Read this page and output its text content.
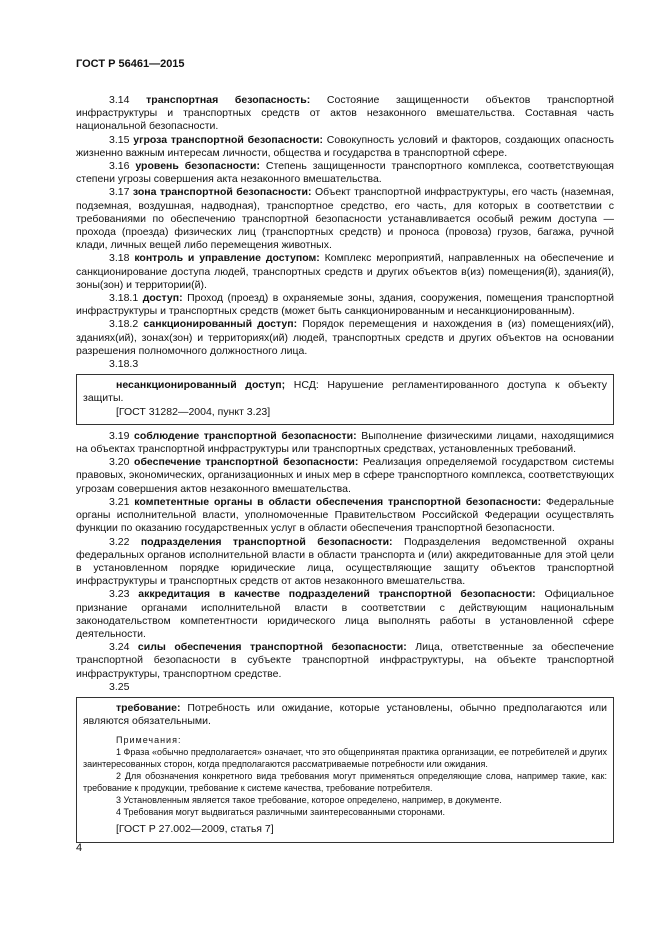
ГОСТ Р 56461—2015

3.14 транспортная безопасность: Состояние защищенности объектов транспортной инфраструктуры и транспортных средств от актов незаконного вмешательства. Составная часть национальной безопасности.

3.15 угроза транспортной безопасности: Совокупность условий и факторов, создающих опасность жизненно важным интересам личности, общества и государства в транспортной сфере.

3.16 уровень безопасности: Степень защищенности транспортного комплекса, соответствующая степени угрозы совершения акта незаконного вмешательства.

3.17 зона транспортной безопасности: Объект транспортной инфраструктуры, его часть (наземная, подземная, воздушная, надводная), транспортное средство, его часть, для которых в соответствии с требованиями по обеспечению транспортной безопасности устанавливается особый режим доступа — прохода (проезда) физических лиц (транспортных средств) и проноса (провоза) грузов, багажа, ручной клади, личных вещей либо перемещения животных.

3.18 контроль и управление доступом: Комплекс мероприятий, направленных на обеспечение и санкционирование доступа людей, транспортных средств и других объектов в(из) помещения(й), здания(й), зоны(зон) и территории(й).

3.18.1 доступ: Проход (проезд) в охраняемые зоны, здания, сооружения, помещения транспортной инфраструктуры и транспортных средств (может быть санкционированным и несанкционированным).

3.18.2 санкционированный доступ: Порядок перемещения и нахождения в (из) помещениях(ий), зданиях(ий), зонах(зон) и территориях(ий) людей, транспортных средств и других объектов на основании разрешения полномочного должностного лица.

3.18.3

несанкционированный доступ; НСД: Нарушение регламентированного доступа к объекту защиты.

[ГОСТ 31282—2004, пункт 3.23]

3.19 соблюдение транспортной безопасности: Выполнение физическими лицами, находящимися на объектах транспортной инфраструктуры или транспортных средствах, установленных требований.

3.20 обеспечение транспортной безопасности: Реализация определяемой государством системы правовых, экономических, организационных и иных мер в сфере транспортного комплекса, соответствующих угрозам совершения актов незаконного вмешательства.

3.21 компетентные органы в области обеспечения транспортной безопасности: Федеральные органы исполнительной власти, уполномоченные Правительством Российской Федерации осуществлять функции по оказанию государственных услуг в области обеспечения транспортной безопасности.

3.22 подразделения транспортной безопасности: Подразделения ведомственной охраны федеральных органов исполнительной власти в области транспорта и (или) аккредитованные для этой цели в установленном порядке юридические лица, осуществляющие защиту объектов транспортной инфраструктуры и транспортных средств от актов незаконного вмешательства.

3.23 аккредитация в качестве подразделений транспортной безопасности: Официальное признание органами исполнительной власти в соответствии с действующим национальным законодательством компетентности юридического лица выполнять работы в установленной сфере деятельности.

3.24 силы обеспечения транспортной безопасности: Лица, ответственные за обеспечение транспортной безопасности в субъекте транспортной инфраструктуры, на объекте транспортной инфраструктуры, транспортном средстве.

3.25

требование: Потребность или ожидание, которые установлены, обычно предполагаются или являются обязательными.

Примечания:

1 Фраза «обычно предполагается» означает, что это общепринятая практика организации, ее потребителей и других заинтересованных сторон, когда предполагаются рассматриваемые потребности или ожидания.

2 Для обозначения конкретного вида требования могут применяться определяющие слова, например такие, как: требование к продукции, требование к системе качества, требование потребителя.

3 Установленным является такое требование, которое определено, например, в документе.

4 Требования могут выдвигаться различными заинтересованными сторонами.

[ГОСТ Р 27.002—2009, статья 7]

4
